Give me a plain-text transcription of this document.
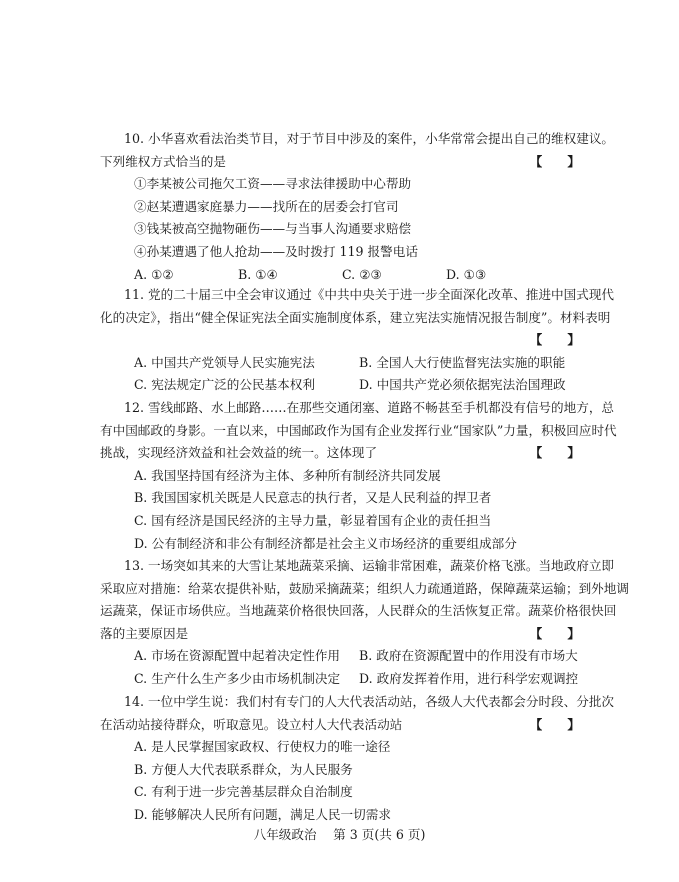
10. 小华喜欢看法治类节目，对于节目中涉及的案件，小华常常会提出自己的维权建议。
下列维权方式恰当的是	【　　】
①李某被公司拖欠工资——寻求法律援助中心帮助
②赵某遭遇家庭暴力——找所在的居委会打官司
③钱某被高空抛物砸伤——与当事人沟通要求赔偿
④孙某遭遇了他人抢劫——及时拨打 119 报警电话
A. ①②	B. ①④	C. ②③	D. ①③
11. 党的二十届三中全会审议通过《中共中央关于进一步全面深化改革、推进中国式现代
化的决定》，指出“健全保证宪法全面实施制度体系，建立宪法实施情况报告制度”。材料表明
【　　】
A. 中国共产党领导人民实施宪法	B. 全国人大行使监督宪法实施的职能
C. 宪法规定广泛的公民基本权利	D. 中国共产党必须依据宪法治国理政
12. 雪线邮路、水上邮路……在那些交通闭塞、道路不畅甚至手机都没有信号的地方，总
有中国邮政的身影。一直以来，中国邮政作为国有企业发挥行业“国家队”力量，积极回应时代
挑战，实现经济效益和社会效益的统一。这体现了	【　　】
A. 我国坚持国有经济为主体、多种所有制经济共同发展
B. 我国国家机关既是人民意志的执行者，又是人民利益的捍卫者
C. 国有经济是国民经济的主导力量，彰显着国有企业的责任担当
D. 公有制经济和非公有制经济都是社会主义市场经济的重要组成部分
13. 一场突如其来的大雪让某地蔬菜采摘、运输非常困难，蔬菜价格飞涨。当地政府立即
采取应对措施：给菜农提供补贴，鼓励采摘蔬菜；组织人力疏通道路，保障蔬菜运输；到外地调
运蔬菜，保证市场供应。当地蔬菜价格很快回落，人民群众的生活恢复正常。蔬菜价格很快回
落的主要原因是	【　　】
A. 市场在资源配置中起着决定性作用	B. 政府在资源配置中的作用没有市场大
C. 生产什么生产多少由市场机制决定	D. 政府发挥着作用，进行科学宏观调控
14. 一位中学生说：我们村有专门的人大代表活动站，各级人大代表都会分时段、分批次
在活动站接待群众，听取意见。设立村人大代表活动站	【　　】
A. 是人民掌握国家政权、行使权力的唯一途径
B. 方便人大代表联系群众，为人民服务
C. 有利于进一步完善基层群众自治制度
D. 能够解决人民所有问题，满足人民一切需求
八年级政治　 第 3 页(共 6 页)
